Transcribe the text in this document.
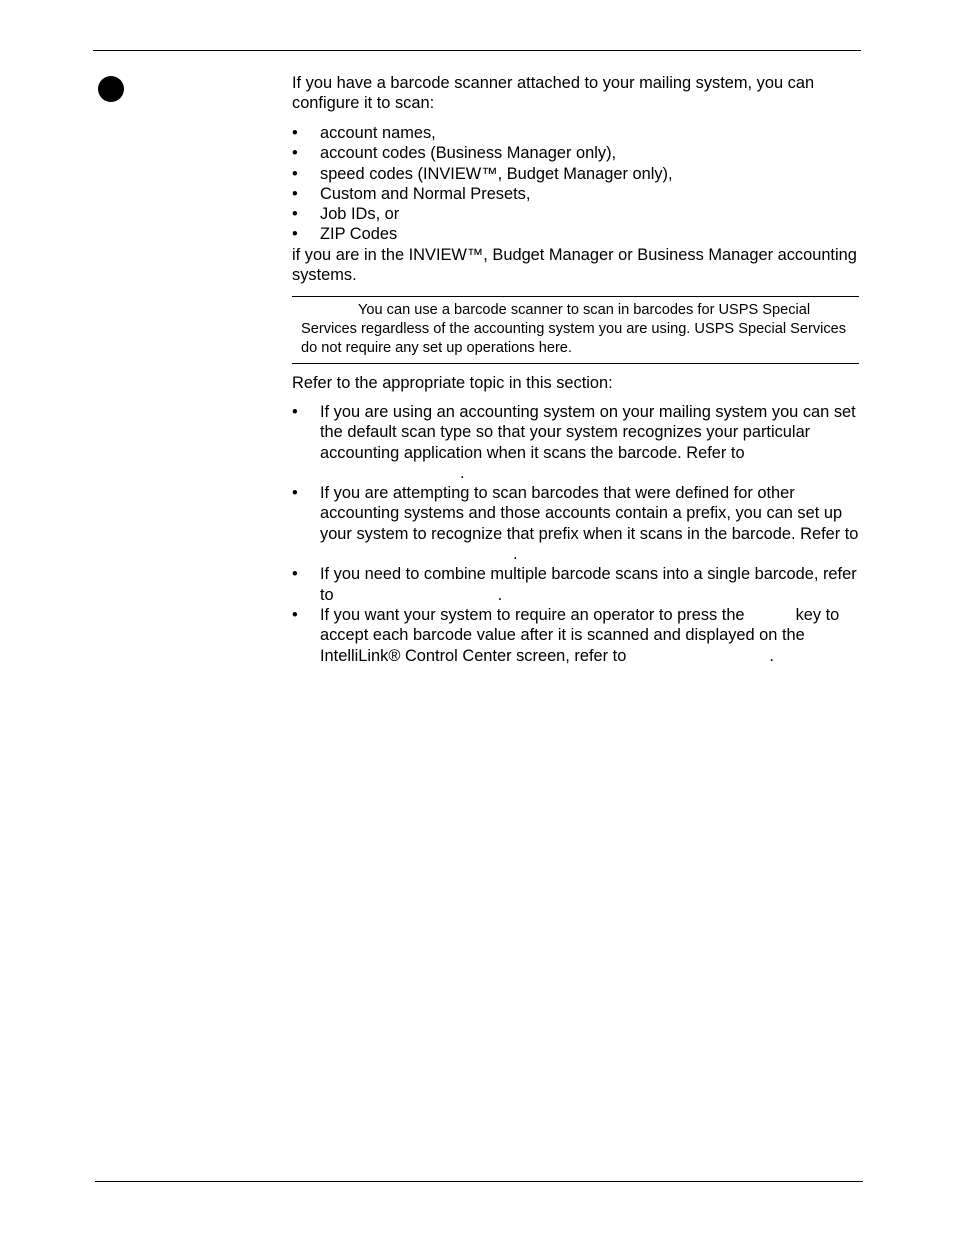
If you have a barcode scanner attached to your mailing system, you can configure it to scan:
• account names,
• account codes (Business Manager only),
• speed codes (INVIEW™, Budget Manager only),
• Custom and Normal Presets,
• Job IDs, or
• ZIP Codes
if you are in the INVIEW™, Budget Manager or Business Manager accounting systems.
You can use a barcode scanner to scan in barcodes for USPS Special Services regardless of the accounting system you are using. USPS Special Services do not require any set up operations here.
Refer to the appropriate topic in this section:
• If you are using an accounting system on your mailing system you can set the default scan type so that your system recognizes your particular accounting application when it scans the barcode. Refer to
.
• If you are attempting to scan barcodes that were defined for other accounting systems and those accounts contain a prefix, you can set up your system to recognize that prefix when it scans in the barcode. Refer to.
• If you need to combine multiple barcode scans into a single barcode, refer to	.
• If you want your system to require an operator to press the	key to accept each barcode value after it is scanned and displayed on the IntelliLink® Control Center screen, refer to	.
